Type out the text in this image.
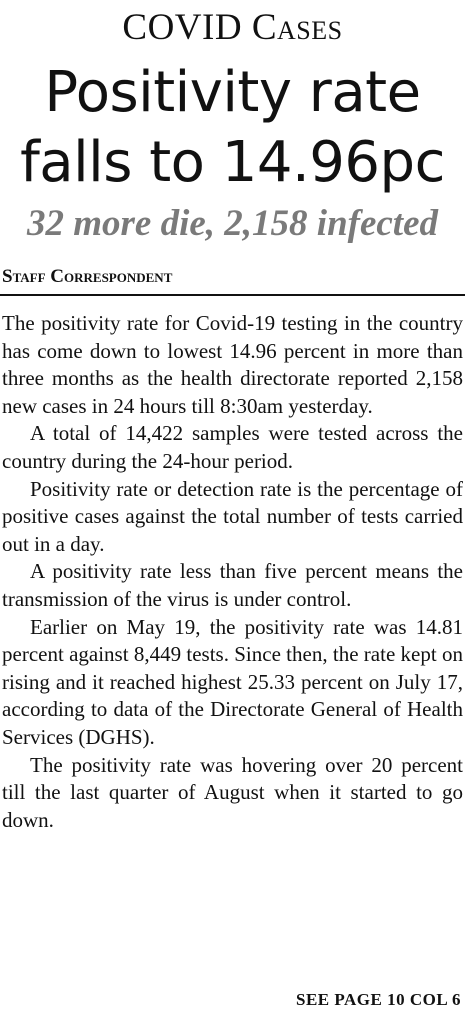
COVID Cases
Positivity rate
falls to 14.96pc
32 more die, 2,158 infected
Staff Correspondent

The positivity rate for Covid-19 testing in the country has come down to lowest 14.96 percent in more than three months as the health directorate reported 2,158 new cases in 24 hours till 8:30am yesterday.

A total of 14,422 samples were tested across the country during the 24-hour period.

Positivity rate or detection rate is the percentage of positive cases against the total number of tests carried out in a day.

A positivity rate less than five percent means the transmission of the virus is under control.

Earlier on May 19, the positivity rate was 14.81 percent against 8,449 tests. Since then, the rate kept on rising and it reached highest 25.33 percent on July 17, according to data of the Directorate General of Health Services (DGHS).

The positivity rate was hovering over 20 percent till the last quarter of August when it started to go down.

SEE PAGE 10 COL 6
